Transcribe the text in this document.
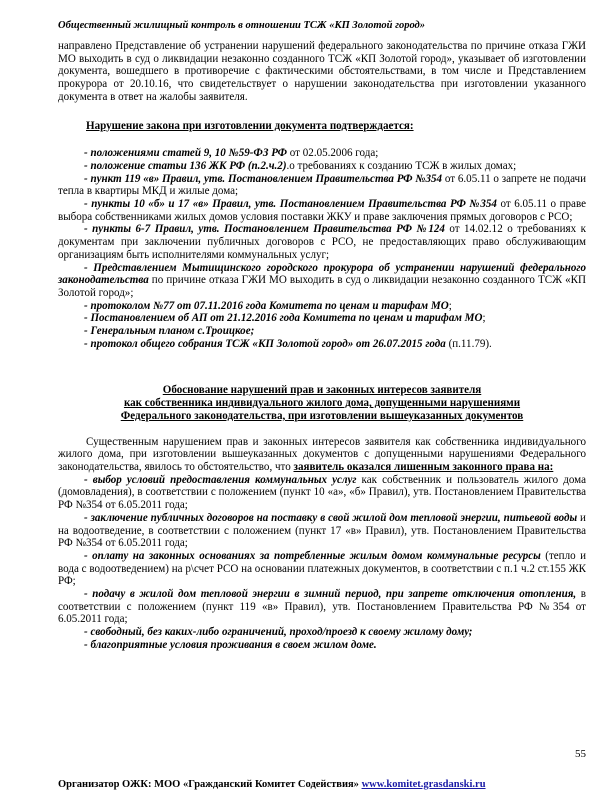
Общественный жилищный контроль в отношении ТСЖ «КП Золотой город»

направлено Представление об устранении нарушений федерального законодательства по причине отказа ГЖИ МО выходить в суд о ликвидации незаконно созданного ТСЖ «КП Золотой город», указывает об изготовлении документа, вошедшего в противоречие с фактическими обстоятельствами, в том числе и Представлением прокурора от 20.10.16, что свидетельствует о нарушении законодательства при изготовлении указанного документа в ответ на жалобы заявителя.

Нарушение закона при изготовлении документа подтверждается:

- положениями статей 9, 10 №59-ФЗ РФ от 02.05.2006 года;

- положение статьи 136 ЖК РФ (п.2.ч.2).о требованиях к созданию ТСЖ в жилых домах;

- пункт 119 «в» Правил, утв. Постановлением Правительства РФ №354 от 6.05.11 о запрете не подачи тепла в квартиры МКД и жилые дома;

- пункты 10 «б» и 17 «в» Правил, утв. Постановлением Правительства РФ №354 от 6.05.11 о праве выбора собственниками жилых домов условия поставки ЖКУ и праве заключения прямых договоров с РСО;

- пункты 6-7 Правил, утв. Постановлением Правительства РФ №124 от 14.02.12 о требованиях к документам при заключении публичных договоров с РСО, не предоставляющих право обслуживающим организациям быть исполнителями коммунальных услуг;

- Представлением Мытищинского городского прокурора об устранении нарушений федерального законодательства по причине отказа ГЖИ МО выходить в суд о ликвидации незаконно созданного ТСЖ «КП Золотой город»;

- протоколом №77 от 07.11.2016 года Комитета по ценам и тарифам МО;

- Постановлением об АП от 21.12.2016 года Комитета по ценам и тарифам МО;

- Генеральным планом с.Троицкое;

- протокол общего собрания ТСЖ «КП Золотой город» от 26.07.2015 года (п.11.79).

Обоснование нарушений прав и законных интересов заявителя
как собственника индивидуального жилого дома, допущенными нарушениями
Федерального законодательства, при изготовлении вышеуказанных документов

Существенным нарушением прав и законных интересов заявителя как собственника индивидуального жилого дома, при изготовлении вышеуказанных документов с допущенными нарушениями Федерального законодательства, явилось то обстоятельство, что заявитель оказался лишенным законного права на:

- выбор условий предоставления коммунальных услуг как собственник и пользователь жилого дома (домовладения), в соответствии с положением (пункт 10 «а», «б» Правил), утв. Постановлением Правительства РФ №354 от 6.05.2011 года;

- заключение публичных договоров на поставку в свой жилой дом тепловой энергии, питьевой воды и на водоотведение, в соответствии с положением (пункт 17 «в» Правил), утв. Постановлением Правительства РФ №354 от 6.05.2011 года;

- оплату на законных основаниях за потребленные жилым домом коммунальные ресурсы (тепло и вода с водоотведением) на р\счет РСО на основании платежных документов, в соответствии с п.1 ч.2 ст.155 ЖК РФ;

- подачу в жилой дом тепловой энергии в зимний период, при запрете отключения отопления, в соответствии с положением (пункт 119 «в» Правил), утв. Постановлением Правительства РФ №354 от 6.05.2011 года;

- свободный, без каких-либо ограничений, проход/проезд к своему жилому дому;

- благоприятные условия проживания в своем жилом доме.

55
Организатор ОЖК: МОО «Гражданский Комитет Содействия» www.komitet.grasdanski.ru
